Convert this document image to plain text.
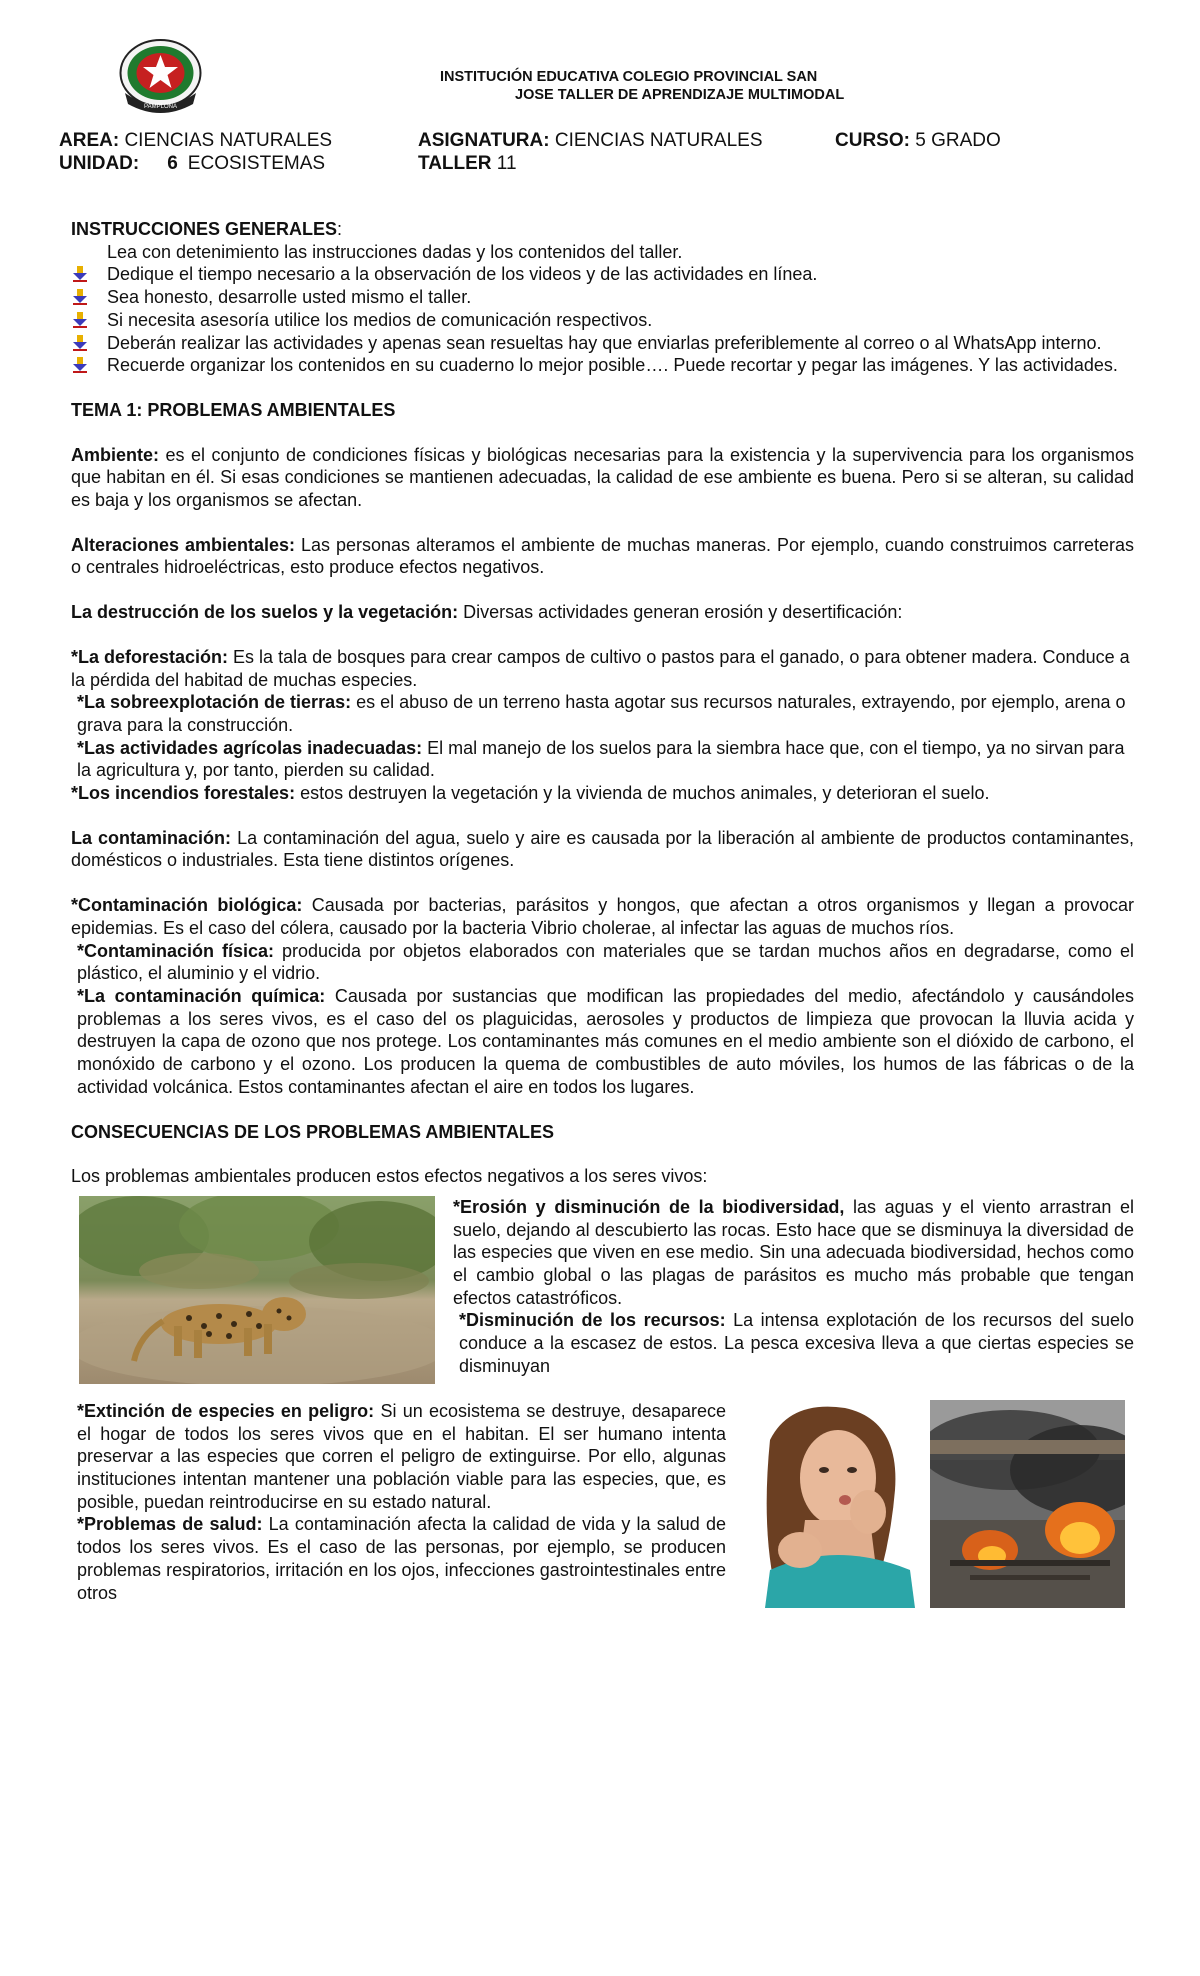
PAMPLONA
INSTITUCIÓN EDUCATIVA COLEGIO PROVINCIAL SAN
JOSE TALLER DE APRENDIZAJE MULTIMODAL
AREA: CIENCIAS NATURALES	ASIGNATURA: CIENCIAS NATURALES	CURSO: 5 GRADO
UNIDAD: 6 ECOSISTEMAS	TALLER 11

INSTRUCCIONES GENERALES:

Lea con detenimiento las instrucciones dadas y los contenidos del taller.

Dedique el tiempo necesario a la observación de los videos y de las actividades en línea.
Sea honesto, desarrolle usted mismo el taller.
Si necesita asesoría utilice los medios de comunicación respectivos.
Deberán realizar las actividades y apenas sean resueltas hay que enviarlas preferiblemente al correo o al WhatsApp interno.
Recuerde organizar los contenidos en su cuaderno lo mejor posible…. Puede recortar y pegar las imágenes. Y las actividades.

TEMA 1: PROBLEMAS AMBIENTALES

Ambiente: es el conjunto de condiciones físicas y biológicas necesarias para la existencia y la supervivencia para los organismos que habitan en él. Si esas condiciones se mantienen adecuadas, la calidad de ese ambiente es buena. Pero si se alteran, su calidad es baja y los organismos se afectan.

Alteraciones ambientales: Las personas alteramos el ambiente de muchas maneras. Por ejemplo, cuando construimos carreteras o centrales hidroeléctricas, esto produce efectos negativos.

La destrucción de los suelos y la vegetación: Diversas actividades generan erosión y desertificación:

*La deforestación: Es la tala de bosques para crear campos de cultivo o pastos para el ganado, o para obtener madera. Conduce a la pérdida del habitad de muchas especies.

*La sobreexplotación de tierras: es el abuso de un terreno hasta agotar sus recursos naturales, extrayendo, por ejemplo, arena o grava para la construcción.

*Las actividades agrícolas inadecuadas: El mal manejo de los suelos para la siembra hace que, con el tiempo, ya no sirvan para la agricultura y, por tanto, pierden su calidad.

*Los incendios forestales: estos destruyen la vegetación y la vivienda de muchos animales, y deterioran el suelo.

La contaminación: La contaminación del agua, suelo y aire es causada por la liberación al ambiente de productos contaminantes, domésticos o industriales. Esta tiene distintos orígenes.

*Contaminación biológica: Causada por bacterias, parásitos y hongos, que afectan a otros organismos y llegan a provocar epidemias. Es el caso del cólera, causado por la bacteria Vibrio cholerae, al infectar las aguas de muchos ríos.

*Contaminación física: producida por objetos elaborados con materiales que se tardan muchos años en degradarse, como el plástico, el aluminio y el vidrio.

*La contaminación química: Causada por sustancias que modifican las propiedades del medio, afectándolo y causándoles problemas a los seres vivos, es el caso del os plaguicidas, aerosoles y productos de limpieza que provocan la lluvia acida y destruyen la capa de ozono que nos protege. Los contaminantes más comunes en el medio ambiente son el dióxido de carbono, el monóxido de carbono y el ozono. Los producen la quema de combustibles de auto móviles, los humos de las fábricas o de la actividad volcánica. Estos contaminantes afectan el aire en todos los lugares.

CONSECUENCIAS DE LOS PROBLEMAS AMBIENTALES

Los problemas ambientales producen estos efectos negativos a los seres vivos:

*Erosión y disminución de la biodiversidad, las aguas y el viento arrastran el suelo, dejando al descubierto las rocas. Esto hace que se disminuya la diversidad de las especies que viven en ese medio. Sin una adecuada biodiversidad, hechos como el cambio global o las plagas de parásitos es mucho más probable que tengan efectos catastróficos.

*Disminución de los recursos: La intensa explotación de los recursos del suelo conduce a la escasez de estos. La pesca excesiva lleva a que ciertas especies se disminuyan

*Extinción de especies en peligro: Si un ecosistema se destruye, desaparece el hogar de todos los seres vivos que en el habitan. El ser humano intenta preservar a las especies que corren el peligro de extinguirse. Por ello, algunas instituciones intentan mantener una población viable para las especies, que, es posible, puedan reintroducirse en su estado natural.

*Problemas de salud: La contaminación afecta la calidad de vida y la salud de todos los seres vivos. Es el caso de las personas, por ejemplo, se producen problemas respiratorios, irritación en los ojos, infecciones gastrointestinales entre otros
